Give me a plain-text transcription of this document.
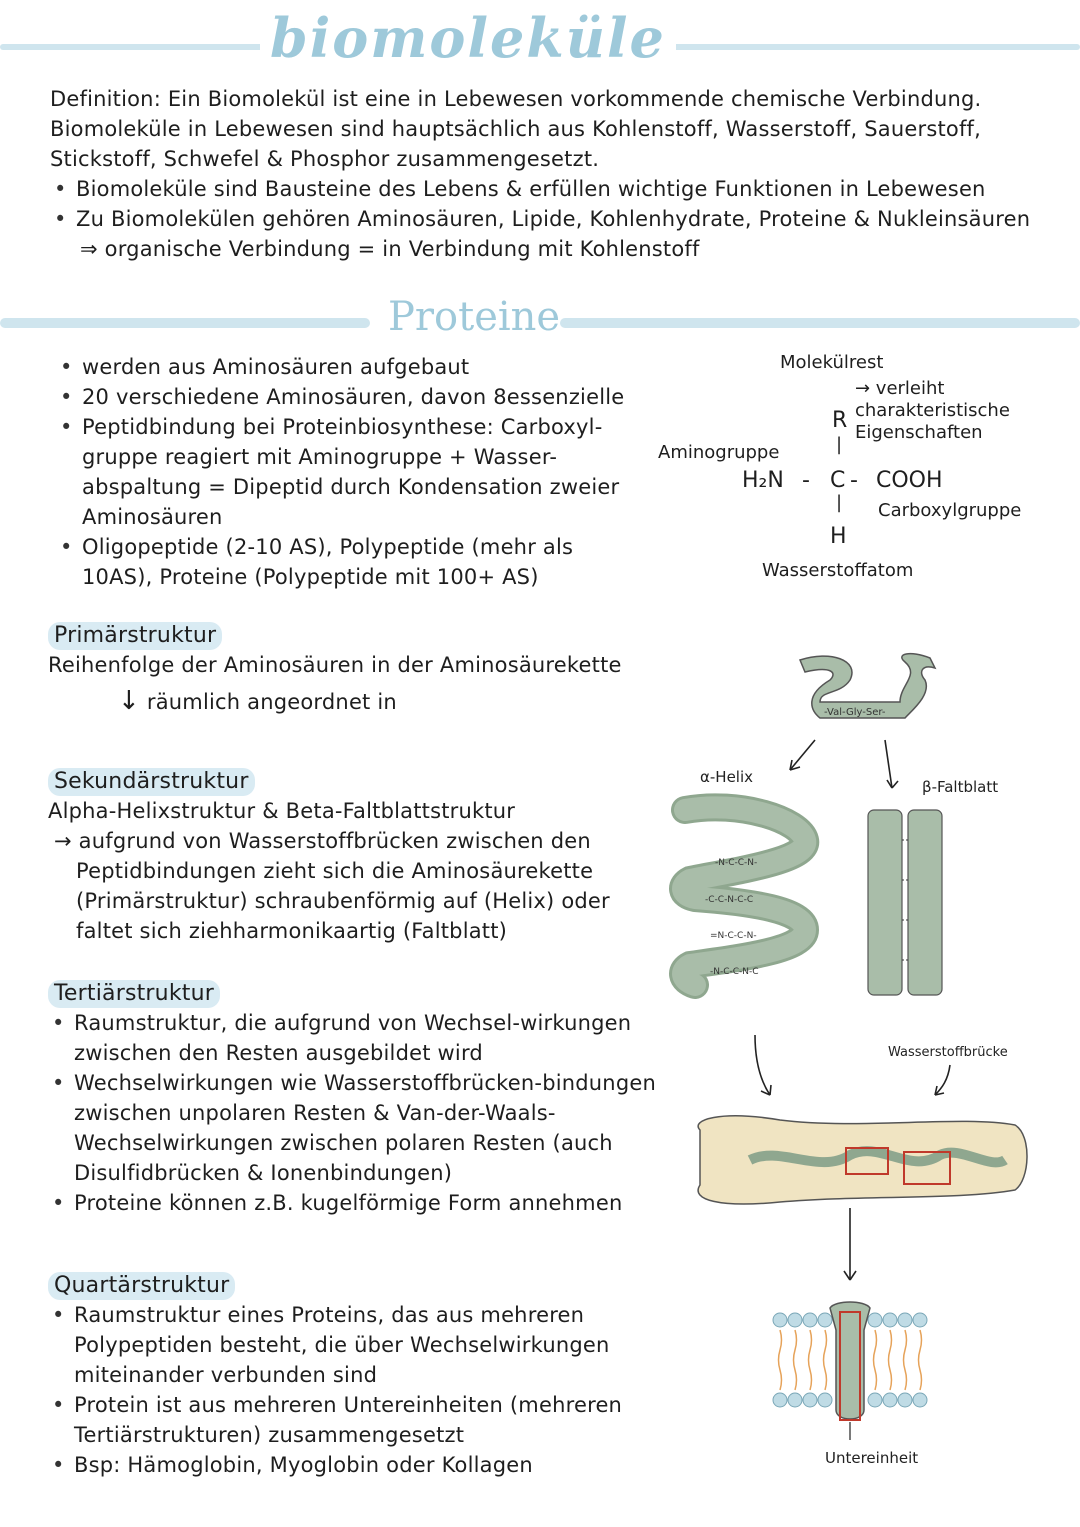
biomoleküle
Definition: Ein Biomolekül ist eine in Lebewesen vorkommende chemische Verbindung. Biomoleküle in Lebewesen sind hauptsächlich aus Kohlenstoff, Wasserstoff, Sauerstoff, Stickstoff, Schwefel & Phosphor zusammengesetzt.
• Biomoleküle sind Bausteine des Lebens & erfüllen wichtige Funktionen in Lebewesen
• Zu Biomolekülen gehören Aminosäuren, Lipide, Kohlenhydrate, Proteine & Nukleinsäuren
⇒ organische Verbindung = in Verbindung mit Kohlenstoff
Proteine
• werden aus Aminosäuren aufgebaut
• 20 verschiedene Aminosäuren, davon 8essenzielle
• Peptidbindung bei Proteinbiosynthese: Carboxyl-gruppe reagiert mit Aminogruppe + Wasser-abspaltung = Dipeptid durch Kondensation zweier Aminosäuren
• Oligopeptide (2-10 AS), Polypeptide (mehr als 10AS), Proteine (Polypeptide mit 100+ AS)
Molekülrest
→ verleiht charakteristische Eigenschaften
R
|
Aminogruppe
H₂N - C - COOH
| Carboxylgruppe
H
Wasserstoffatom
Primärstruktur
Reihenfolge der Aminosäuren in der Aminosäurekette
↓ räumlich angeordnet in
Sekundärstruktur
Alpha-Helixstruktur & Beta-Faltblattstruktur
→ aufgrund von Wasserstoffbrücken zwischen den Peptidbindungen zieht sich die Aminosäurekette (Primärstruktur) schraubenförmig auf (Helix) oder faltet sich ziehharmonikaartig (Faltblatt)
Tertiärstruktur
• Raumstruktur, die aufgrund von Wechsel-wirkungen zwischen den Resten ausgebildet wird
• Wechselwirkungen wie Wasserstoffbrücken-bindungen zwischen unpolaren Resten & Van-der-Waals-Wechselwirkungen zwischen polaren Resten (auch Disulfidbrücken & Ionenbindungen)
• Proteine können z.B. kugelförmige Form annehmen
Quartärstruktur
• Raumstruktur eines Proteins, das aus mehreren Polypeptiden besteht, die über Wechselwirkungen miteinander verbunden sind
• Protein ist aus mehreren Untereinheiten (mehreren Tertiärstrukturen) zusammengesetzt
• Bsp: Hämoglobin, Myoglobin oder Kollagen
-Val-Gly-Ser-
α-Helix
β-Faltblatt
-N-C-C-N-
-C-C-N-C-C
=N-C-C-N-
-N-C-C-N-C
Wasserstoffbrücke
Untereinheit
